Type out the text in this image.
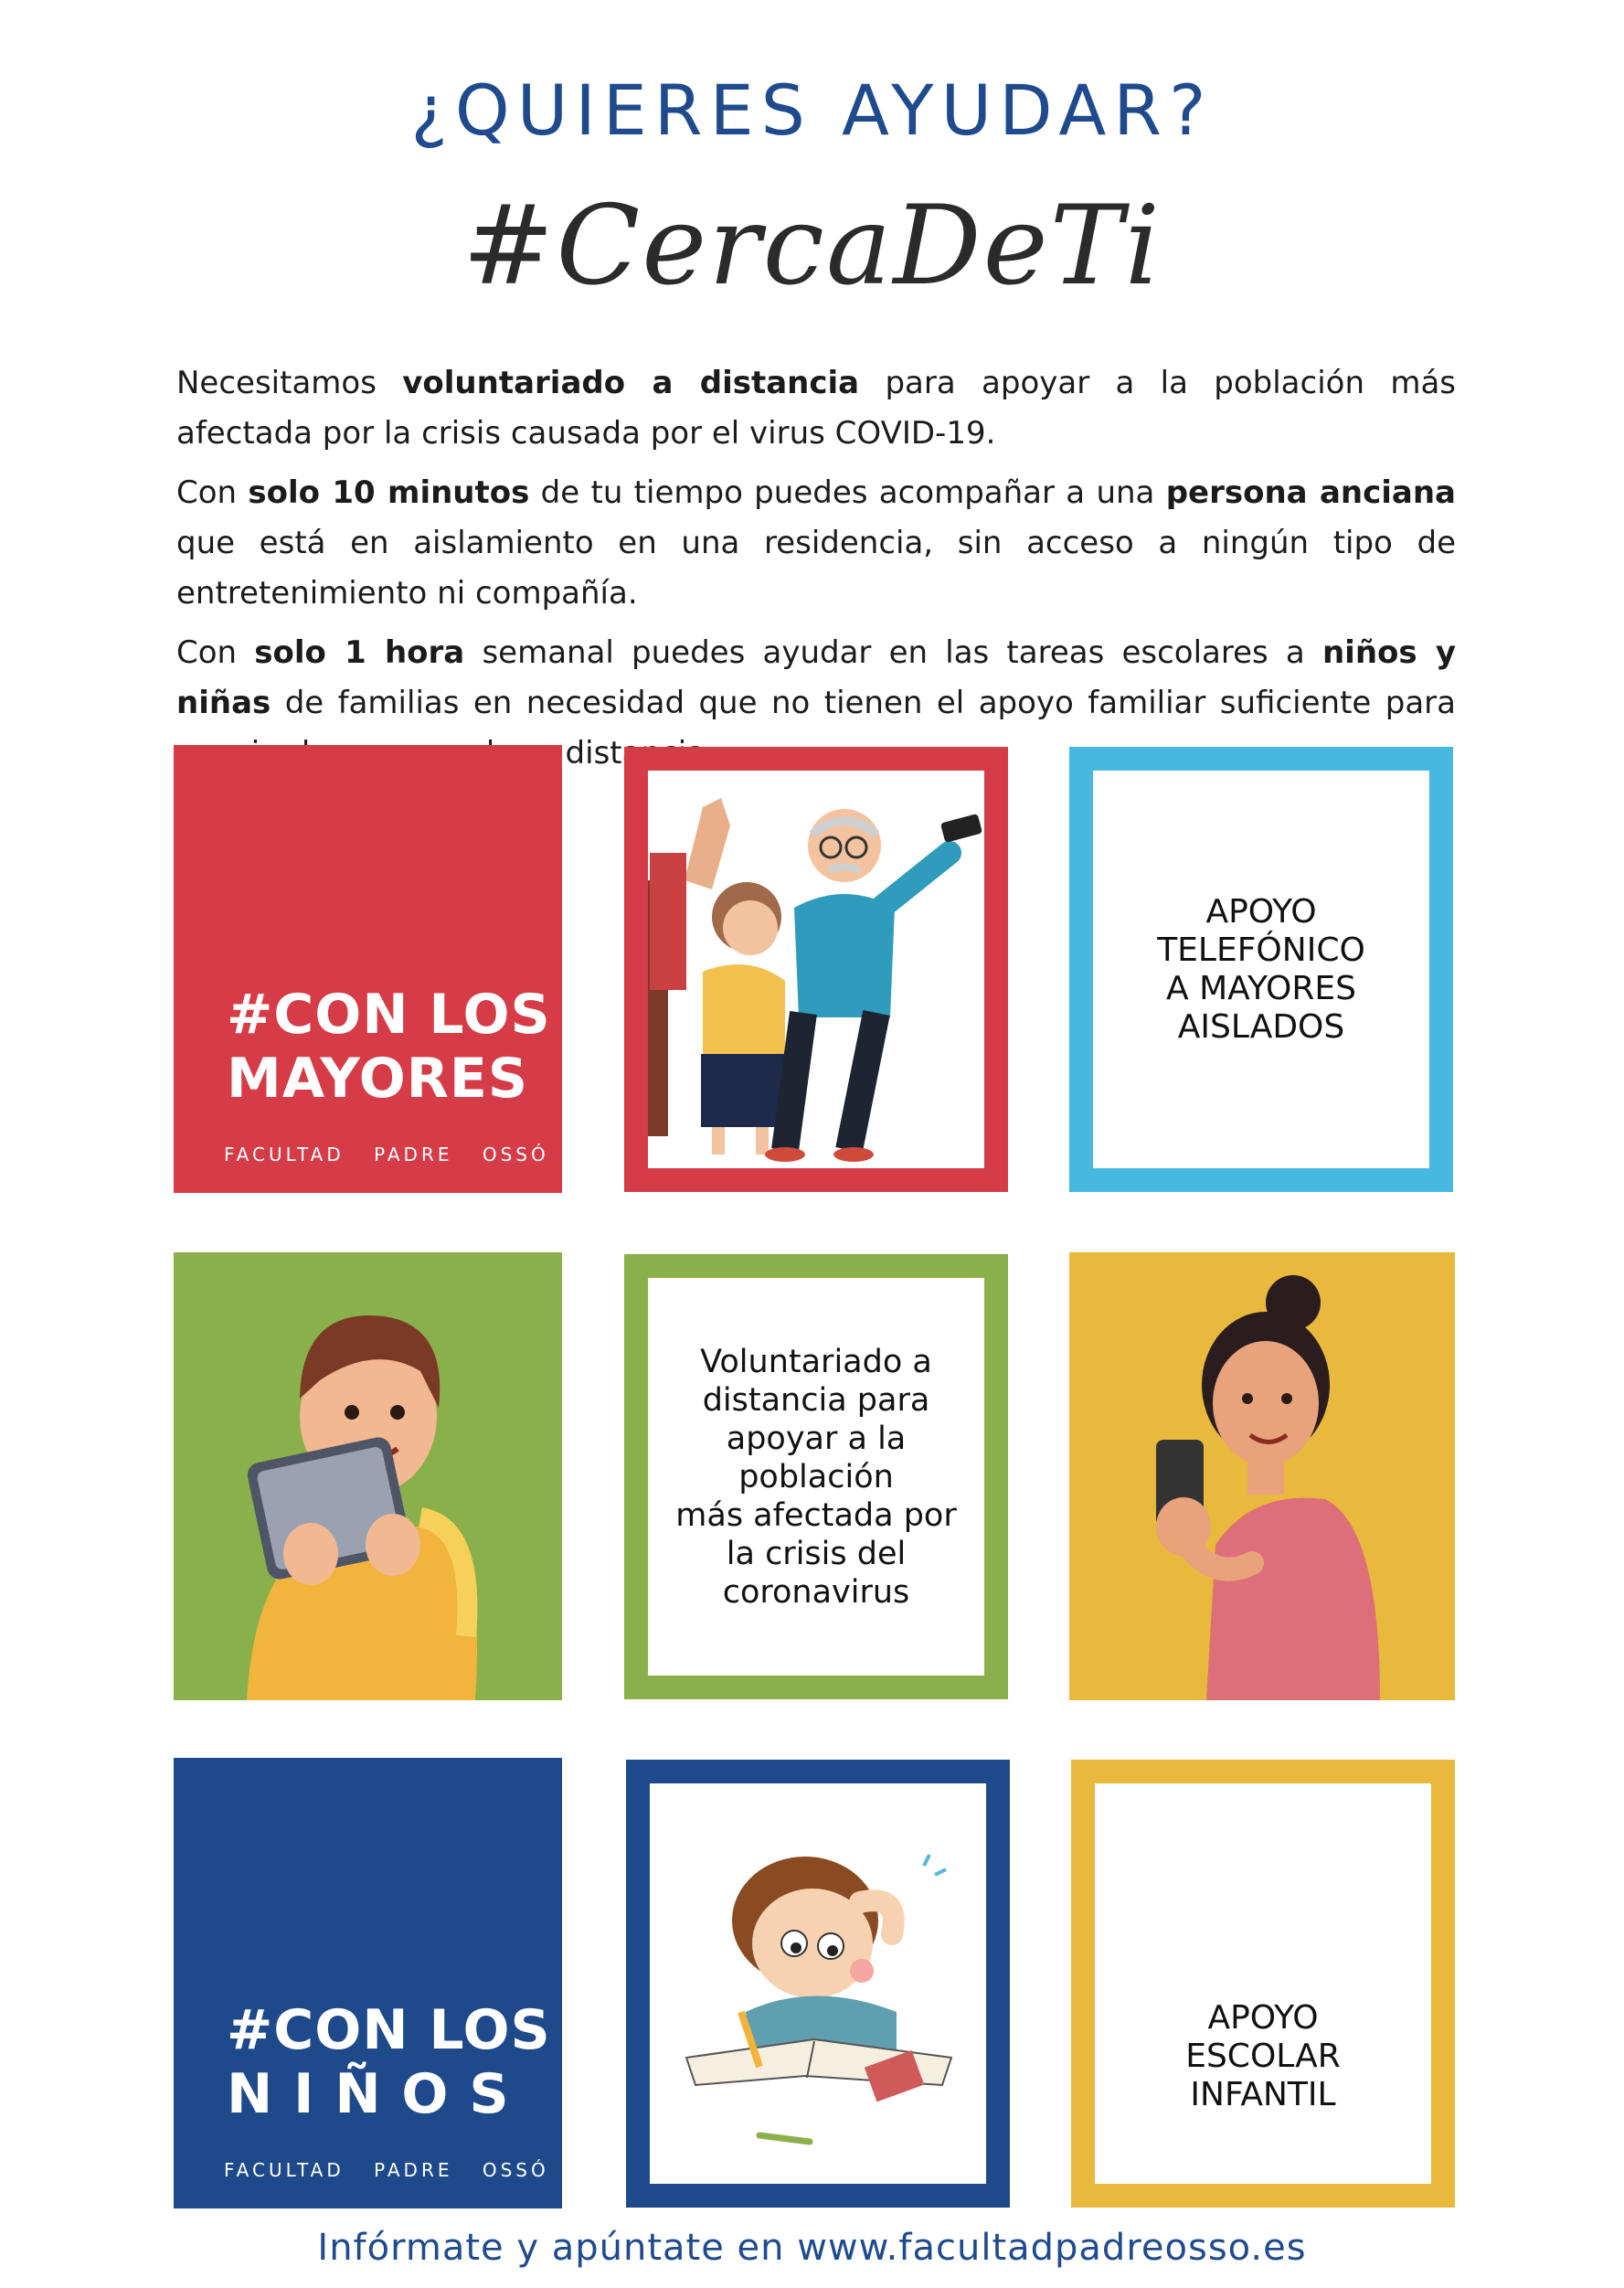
¿QUIERES AYUDAR?
#CercaDeTi

Necesitamos voluntariado a distancia para apoyar a la población más afectada por la crisis causada por el virus COVID-19.

Con solo 10 minutos de tu tiempo puedes acompañar a una persona anciana que está en aislamiento en una residencia, sin acceso a ningún tipo de entretenimiento ni compañía.

Con solo 1 hora semanal puedes ayudar en las tareas escolares a niños y niñas de familias en necesidad que no tienen el apoyo familiar suficiente para

#CON LOS
MAYORES
FACULTAD PADRE OSSÓ
APOYO TELEFÓNICO
A MAYORES
AISLADOS
Voluntariado a
distancia para
apoyar a la población
más afectada por
la crisis del
coronavirus
#CON LOS
N I Ñ O S
FACULTAD PADRE OSSÓ
APOYO
ESCOLAR
INFANTIL
Infórmate y apúntate en www.facultadpadreosso.es
